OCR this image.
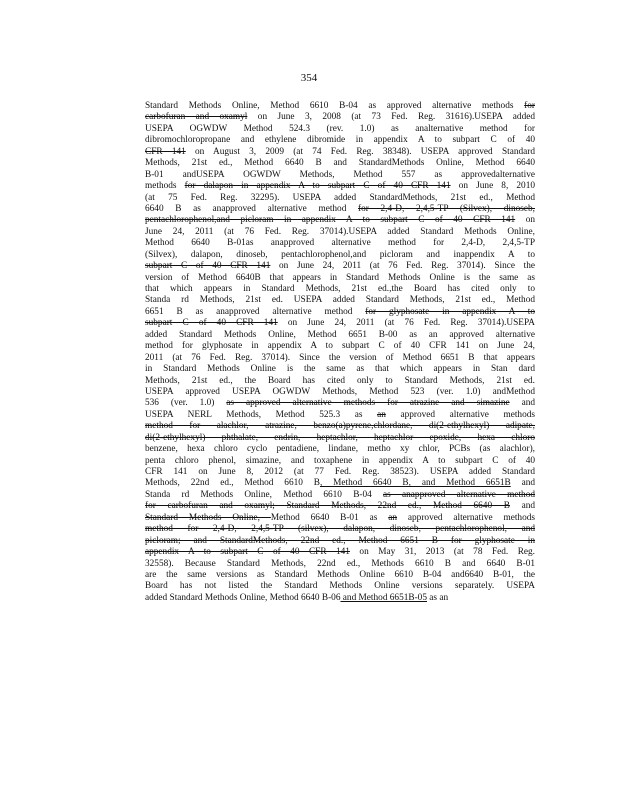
354
Standard Methods Online, Method 6610 B-04 as approved alternative methods for
carbofuran and oxamyl on June 3, 2008 (at 73 Fed. Reg. 31616).USEPA added
USEPA OGWDW Method 524.3 (rev. 1.0) as analternative method for
dibromochloropropane and ethylene dibromide in appendix A to subpart C of 40
CFR 141 on August 3, 2009 (at 74 Fed. Reg. 38348). USEPA approved Standard
Methods, 21st ed., Method 6640 B and StandardMethods Online, Method 6640
B-01 andUSEPA OGWDW Methods, Method 557 as approvedalternative
methods for dalapon in appendix A to subpart C of 40 CFR 141 on June 8, 2010
(at 75 Fed. Reg. 32295). USEPA added StandardMethods, 21st ed., Method
6640 B as anapproved alternative method for 2,4-D, 2,4,5-TP (Silvex), dinoseb,
pentachlorophenol,and picloram in appendix A to subpart C of 40 CFR 141 on
June 24, 2011 (at 76 Fed. Reg. 37014).USEPA added Standard Methods Online,
Method 6640 B-01as anapproved alternative method for 2,4-D, 2,4,5-TP
(Silvex), dalapon, dinoseb, pentachlorophenol,and picloram and inappendix A to
subpart C of 40 CFR 141 on June 24, 2011 (at 76 Fed. Reg. 37014). Since the
version of Method 6640B that appears in Standard Methods Online is the same as
that which appears in Standard Methods, 21st ed.,the Board has cited only to
Standa rd Methods, 21st ed. USEPA added Standard Methods, 21st ed., Method
6651 B as anapproved alternative method for glyphosate in appendix A to
subpart C of 40 CFR 141 on June 24, 2011 (at 76 Fed. Reg. 37014).USEPA
added Standard Methods Online, Method 6651 B-00 as an approved alternative
method for glyphosate in appendix A to subpart C of 40 CFR 141 on June 24,
2011 (at 76 Fed. Reg. 37014). Since the version of Method 6651 B that appears
in Standard Methods Online is the same as that which appears in Stan dard
Methods, 21st ed., the Board has cited only to Standard Methods, 21st ed.
USEPA approved USEPA OGWDW Methods, Method 523 (ver. 1.0) andMethod
536 (ver. 1.0) as approved alternative methods for atrazine and simazine and
USEPA NERL Methods, Method 525.3 as an approved alternative methods
method for alachlor, atrazine, benzo(a)pyrene,chlordane, di(2-ethylhexyl) adipate,
di(2-ethylhexyl) phthalate, endrin, heptachlor, heptachlor epoxide, hexa chloro
benzene, hexa chloro cyclo pentadiene, lindane, metho xy chlor, PCBs (as alachlor),
penta chloro phenol, simazine, and toxaphene in appendix A to subpart C of 40
CFR 141 on June 8, 2012 (at 77 Fed. Reg. 38523). USEPA added Standard
Methods, 22nd ed., Method 6610 B, Method 6640 B, and Method 6651B and
Standa rd Methods Online, Method 6610 B-04 as anapproved alternative method
for carbofuran and oxamyl; Standard Methods, 22nd ed., Method 6640 B and
Standard Methods Online, Method 6640 B-01 as an approved alternative methods
method for 2,4-D, 2,4,5-TP (silvex), dalapon, dinoseb, pentachlorophenol, and
picloram; and StandardMethods, 22nd ed., Method 6651 B for glyphosate in
appendix A to subpart C of 40 CFR 141 on May 31, 2013 (at 78 Fed. Reg.
32558). Because Standard Methods, 22nd ed., Methods 6610 B and 6640 B-01
are the same versions as Standard Methods Online 6610 B-04 and6640 B-01, the
Board has not listed the Standard Methods Online versions separately. USEPA
added Standard Methods Online, Method 6640 B-06 and Method 6651B-05 as an
